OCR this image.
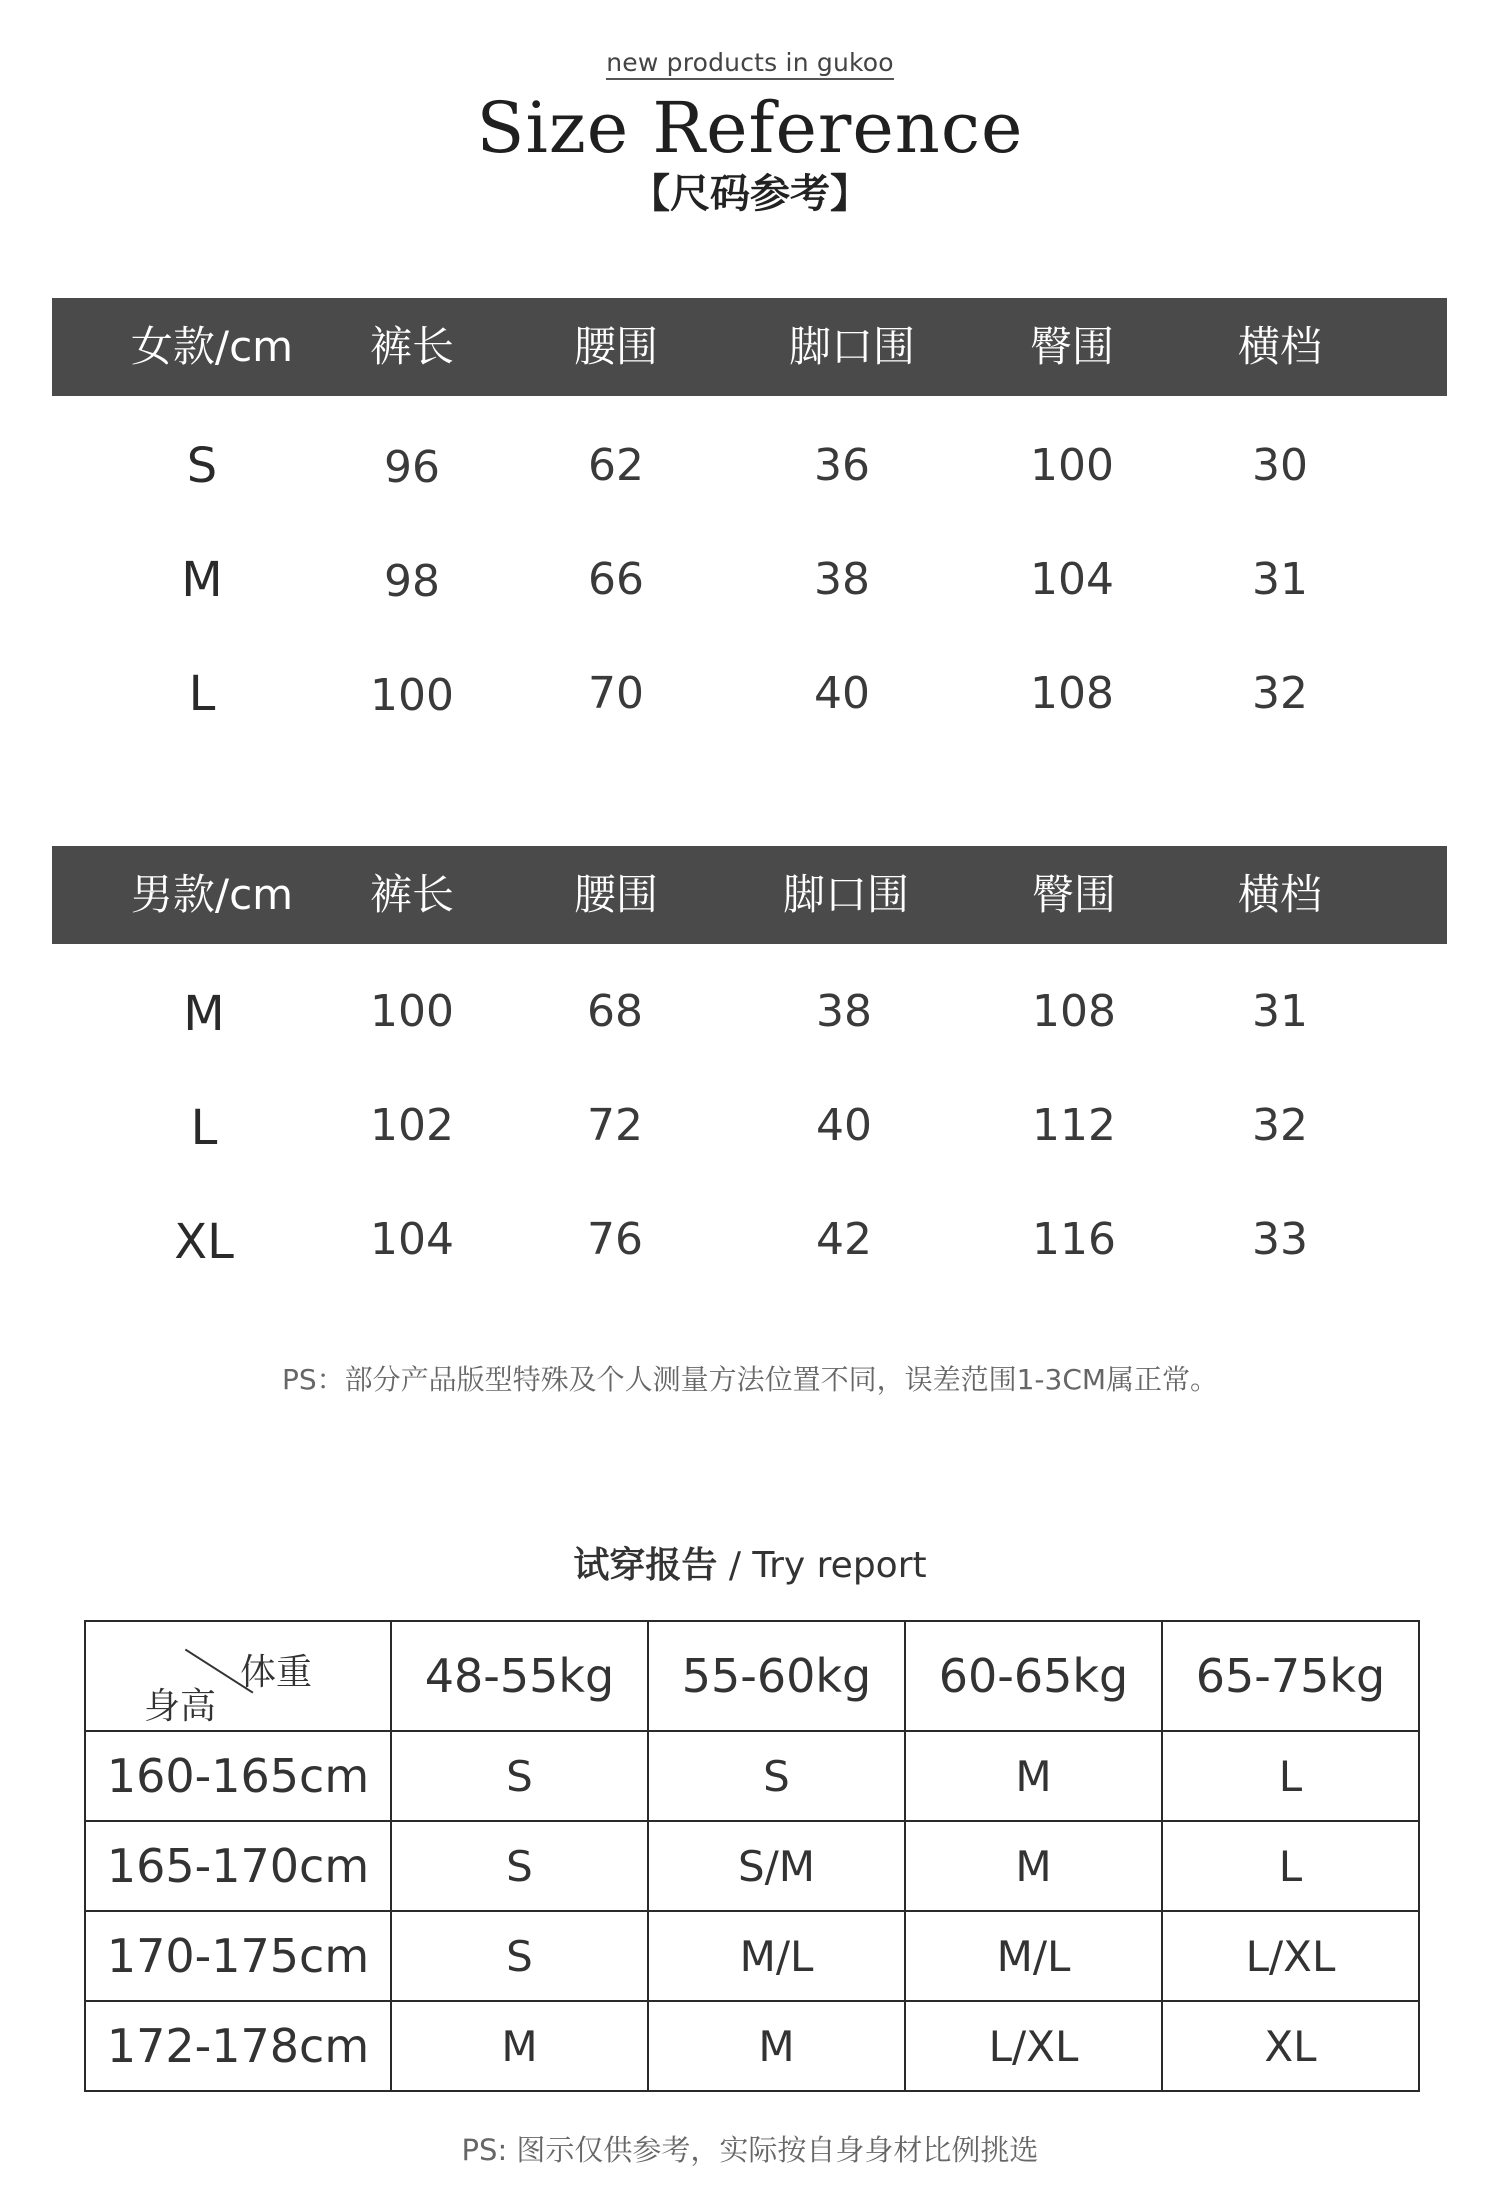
new products in gukoo
Size Reference
【尺码参考】
女款/cm 裤长	腰围	脚口围	臀围	横档
S	96	62	36	100	30
M	98	66	38	104	31
L	100	70	40	108	32
男款/cm 裤长	腰围	脚口围	臀围	横档
M	100	68	38	108	31
L	102	72	40	112	32
XL	104	76	42	116	33
PS：部分产品版型特殊及个人测量方法位置不同，误差范围1-3CM属正常。
试穿报告 / Try report
体重
身高	48-55kg	55-60kg	60-65kg	65-75kg
160-165cm	S	S	M	L
165-170cm	S	S/M	M	L
170-175cm	S	M/L	M/L	L/XL
172-178cm	M	M	L/XL	XL
PS: 图示仅供参考，实际按自身身材比例挑选
